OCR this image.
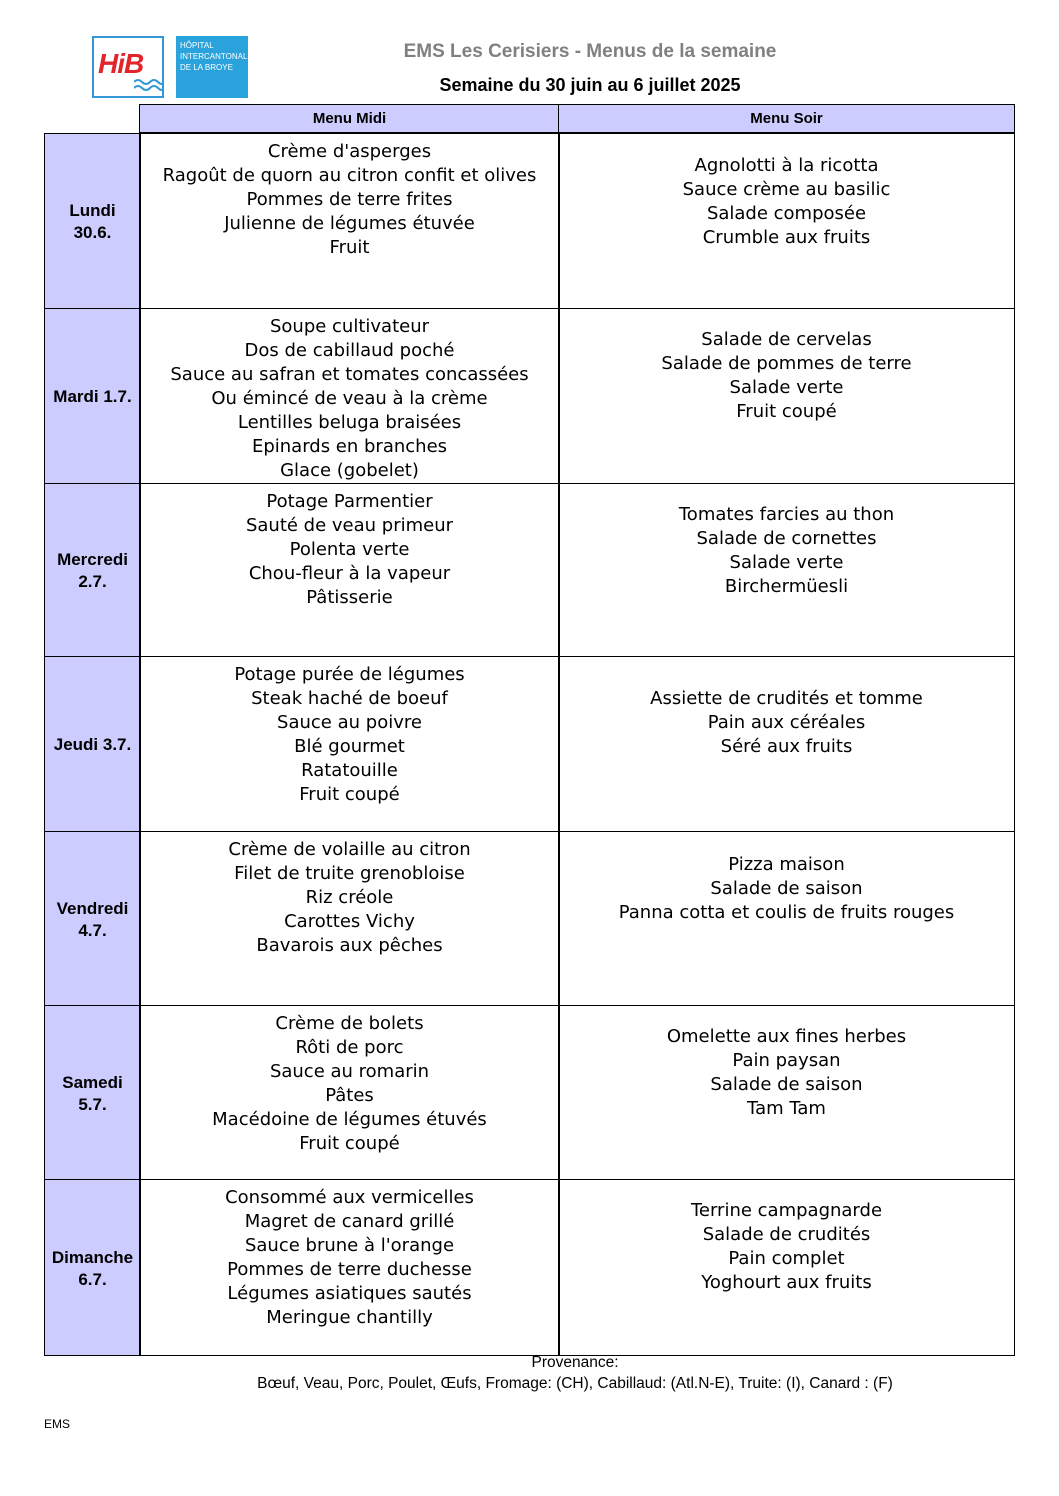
HiB
HÔPITAL
INTERCANTONAL
DE LA BROYE
EMS Les Cerisiers - Menus de la semaine
Semaine du 30 juin au 6 juillet 2025
Menu Midi	Menu Soir
Lundi
30.6.
Crème d'asperges
Ragoût de quorn au citron confit et olives
Pommes de terre frites
Julienne de légumes étuvée
Fruit
Agnolotti à la ricotta
Sauce crème au basilic
Salade composée
Crumble aux fruits
Mardi 1.7.
Soupe cultivateur
Dos de cabillaud poché
Sauce au safran et tomates concassées
Ou émincé de veau à la crème
Lentilles beluga braisées
Epinards en branches
Glace (gobelet)
Salade de cervelas
Salade de pommes de terre
Salade verte
Fruit coupé
Mercredi
2.7.
Potage Parmentier
Sauté de veau primeur
Polenta verte
Chou-fleur à la vapeur
Pâtisserie
Tomates farcies au thon
Salade de cornettes
Salade verte
Birchermüesli
Jeudi 3.7.
Potage purée de légumes
Steak haché de boeuf
Sauce au poivre
Blé gourmet
Ratatouille
Fruit coupé
Assiette de crudités et tomme
Pain aux céréales
Séré aux fruits
Vendredi
4.7.
Crème de volaille au citron
Filet de truite grenobloise
Riz créole
Carottes Vichy
Bavarois aux pêches
Pizza maison
Salade de saison
Panna cotta et coulis de fruits rouges
Samedi
5.7.
Crème de bolets
Rôti de porc
Sauce au romarin
Pâtes
Macédoine de légumes étuvés
Fruit coupé
Omelette aux fines herbes
Pain paysan
Salade de saison
Tam Tam
Dimanche
6.7.
Consommé aux vermicelles
Magret de canard grillé
Sauce brune à l'orange
Pommes de terre duchesse
Légumes asiatiques sautés
Meringue chantilly
Terrine campagnarde
Salade de crudités
Pain complet
Yoghourt aux fruits
Provenance:
Bœuf, Veau, Porc, Poulet, Œufs, Fromage: (CH), Cabillaud: (Atl.N-E), Truite: (I), Canard : (F)
EMS
